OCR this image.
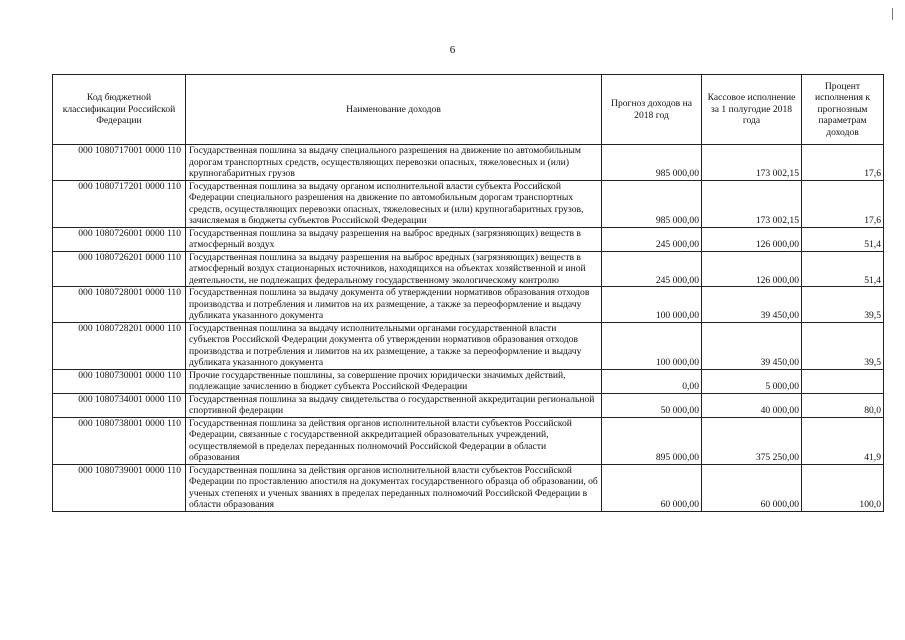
6
Код бюджетной классификации Российской Федерации	Наименование доходов	Прогноз доходов на 2018 год	Кассовое исполнение за 1 полугодие 2018 года	Процент исполнения к прогнозным параметрам доходов
000 1080717001 0000 110	Государственная пошлина за выдачу специального разрешения на движение по автомобильным дорогам транспортных средств, осуществляющих перевозки опасных, тяжеловесных и (или) крупногабаритных грузов	985 000,00	173 002,15	17,6
000 1080717201 0000 110	Государственная пошлина за выдачу органом исполнительной власти субъекта Российской Федерации специального разрешения на движение по автомобильным дорогам транспортных средств, осуществляющих перевозки опасных, тяжеловесных и (или) крупногабаритных грузов, зачисляемая в бюджеты субъектов Российской Федерации	985 000,00	173 002,15	17,6
000 1080726001 0000 110	Государственная пошлина за выдачу разрешения на выброс вредных (загрязняющих) веществ в атмосферный воздух	245 000,00	126 000,00	51,4
000 1080726201 0000 110	Государственная пошлина за выдачу разрешения на выброс вредных (загрязняющих) веществ в атмосферный воздух стационарных источников, находящихся на объектах хозяйственной и иной деятельности, не подлежащих федеральному государственному экологическому контролю	245 000,00	126 000,00	51,4
000 1080728001 0000 110	Государственная пошлина за выдачу документа об утверждении нормативов образования отходов производства и потребления и лимитов на их размещение, а также за переоформление и выдачу дубликата указанного документа	100 000,00	39 450,00	39,5
000 1080728201 0000 110	Государственная пошлина за выдачу исполнительными органами государственной власти субъектов Российской Федерации документа об утверждении нормативов образования отходов производства и потребления и лимитов на их размещение, а также за переоформление и выдачу дубликата указанного документа	100 000,00	39 450,00	39,5
000 1080730001 0000 110	Прочие государственные пошлины, за совершение прочих юридически значимых действий, подлежащие зачислению в бюджет субъекта Российской Федерации	0,00	5 000,00	
000 1080734001 0000 110	Государственная пошлина за выдачу свидетельства о государственной аккредитации региональной спортивной федерации	50 000,00	40 000,00	80,0
000 1080738001 0000 110	Государственная пошлина за действия органов исполнительной власти субъектов Российской Федерации, связанные с государственной аккредитацией образовательных учреждений, осуществляемой в пределах переданных полномочий Российской Федерации в области образования	895 000,00	375 250,00	41,9
000 1080739001 0000 110	Государственная пошлина за действия органов исполнительной власти субъектов Российской Федерации по проставлению апостиля на документах государственного образца об образовании, об ученых степенях и ученых званиях в пределах переданных полномочий Российской Федерации в области образования	60 000,00	60 000,00	100,0
